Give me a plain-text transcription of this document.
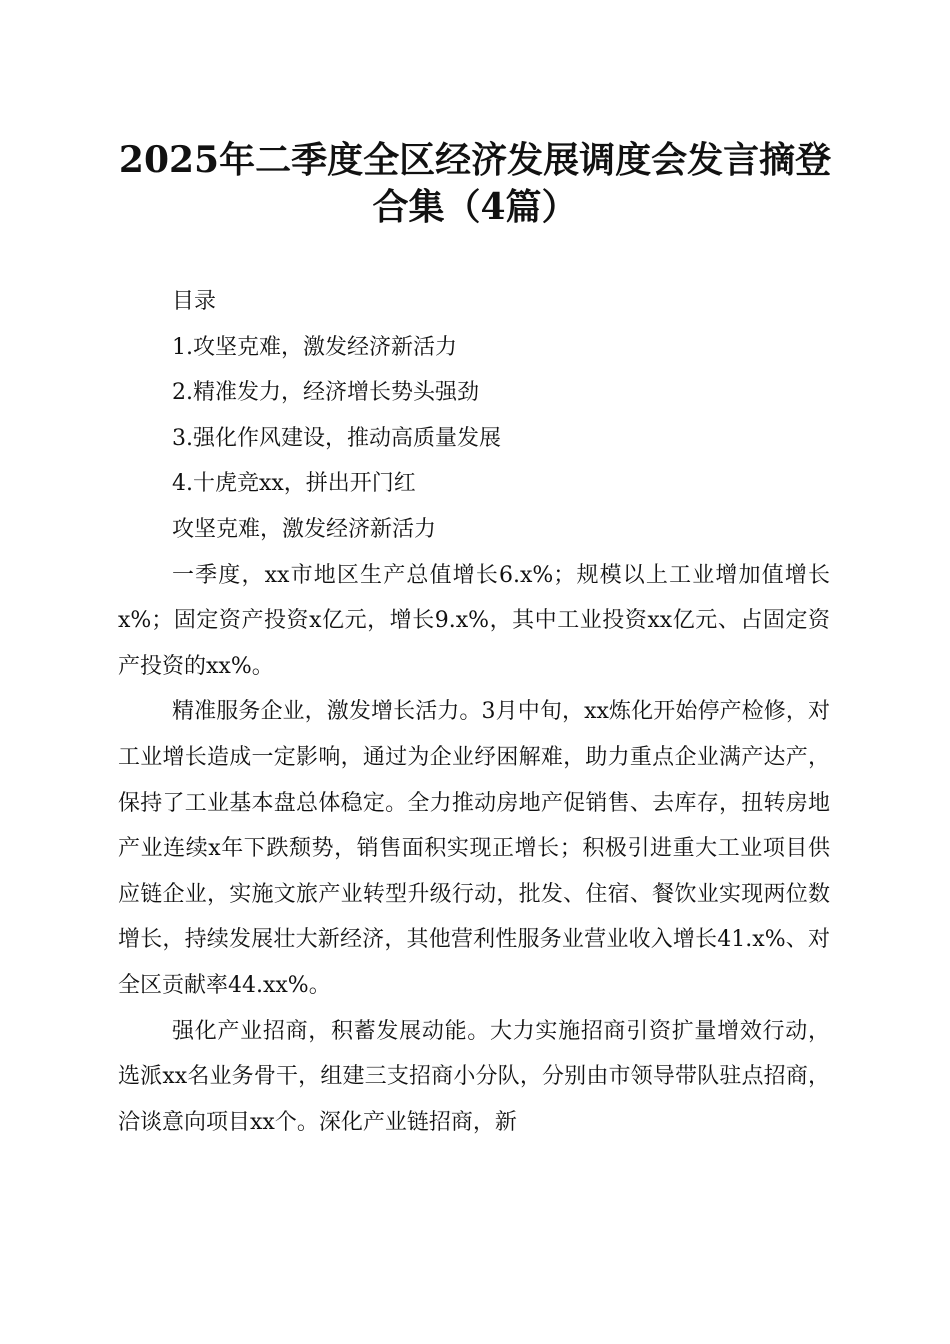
2025年二季度全区经济发展调度会发言摘登
合集（4篇）
目录
1.攻坚克难，激发经济新活力
2.精准发力，经济增长势头强劲
3.强化作风建设，推动高质量发展
4.十虎竞xx，拼出开门红
攻坚克难，激发经济新活力

一季度，xx市地区生产总值增长6.x%；规模以上工业增加值增长x%；固定资产投资x亿元，增长9.x%，其中工业投资xx亿元、占固定资产投资的xx%。

精准服务企业，激发增长活力。3月中旬，xx炼化开始停产检修，对工业增长造成一定影响，通过为企业纾困解难，助力重点企业满产达产，保持了工业基本盘总体稳定。全力推动房地产促销售、去库存，扭转房地产业连续x年下跌颓势，销售面积实现正增长；积极引进重大工业项目供应链企业，实施文旅产业转型升级行动，批发、住宿、餐饮业实现两位数增长，持续发展壮大新经济，其他营利性服务业营业收入增长41.x%、对全区贡献率44.xx%。

强化产业招商，积蓄发展动能。大力实施招商引资扩量增效行动，选派xx名业务骨干，组建三支招商小分队，分别由市领导带队驻点招商，洽谈意向项目xx个。深化产业链招商，新
